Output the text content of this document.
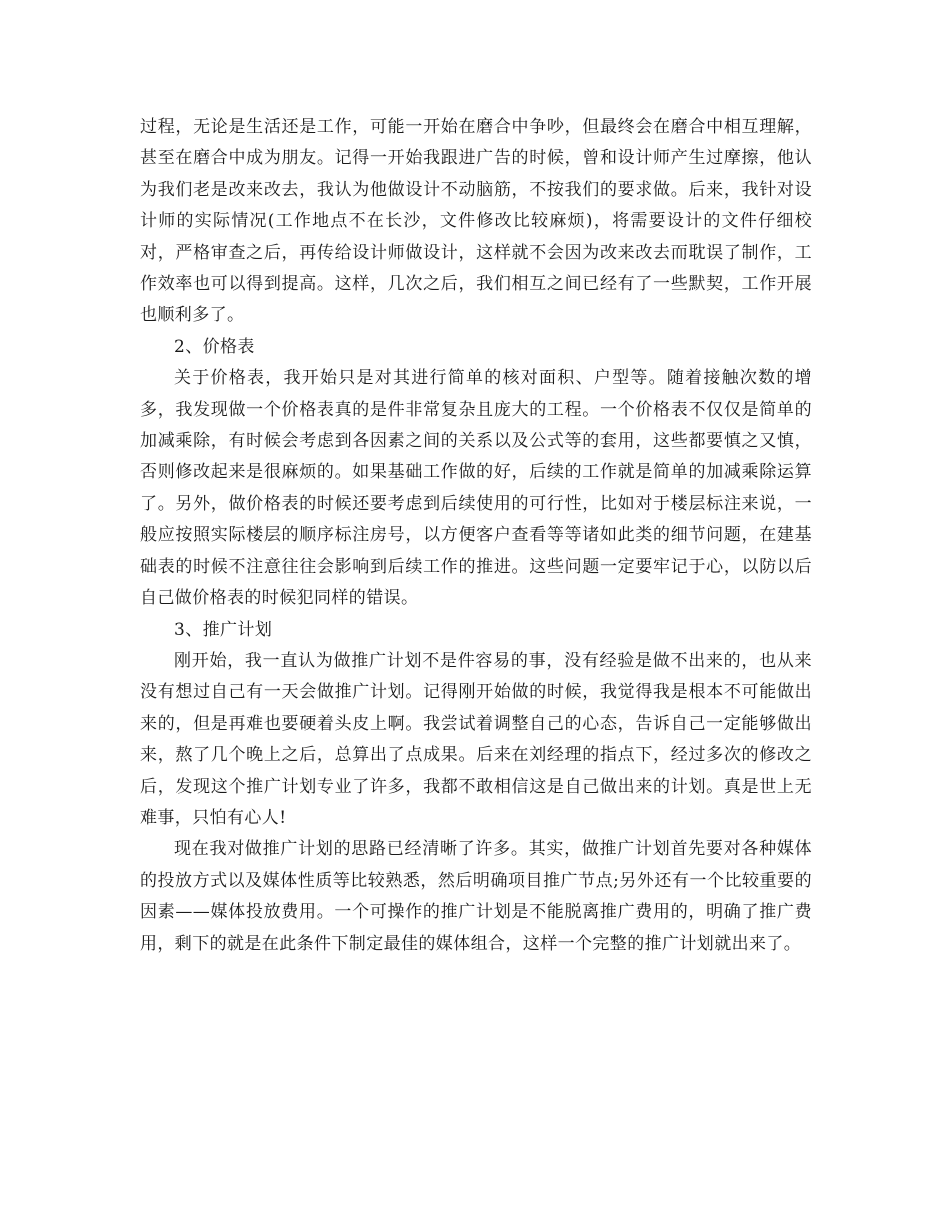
过程，无论是生活还是工作，可能一开始在磨合中争吵，但最终会在磨合中相互理解，甚至在磨合中成为朋友。记得一开始我跟进广告的时候，曾和设计师产生过摩擦，他认为我们老是改来改去，我认为他做设计不动脑筋，不按我们的要求做。后来，我针对设计师的实际情况(工作地点不在长沙，文件修改比较麻烦)，将需要设计的文件仔细校对，严格审查之后，再传给设计师做设计，这样就不会因为改来改去而耽误了制作，工作效率也可以得到提高。这样，几次之后，我们相互之间已经有了一些默契，工作开展也顺利多了。

2、价格表

关于价格表，我开始只是对其进行简单的核对面积、户型等。随着接触次数的增多，我发现做一个价格表真的是件非常复杂且庞大的工程。一个价格表不仅仅是简单的加减乘除，有时候会考虑到各因素之间的关系以及公式等的套用，这些都要慎之又慎，否则修改起来是很麻烦的。如果基础工作做的好，后续的工作就是简单的加减乘除运算了。另外，做价格表的时候还要考虑到后续使用的可行性，比如对于楼层标注来说，一般应按照实际楼层的顺序标注房号，以方便客户查看等等诸如此类的细节问题，在建基础表的时候不注意往往会影响到后续工作的推进。这些问题一定要牢记于心，以防以后自己做价格表的时候犯同样的错误。

3、推广计划

刚开始，我一直认为做推广计划不是件容易的事，没有经验是做不出来的，也从来没有想过自己有一天会做推广计划。记得刚开始做的时候，我觉得我是根本不可能做出来的，但是再难也要硬着头皮上啊。我尝试着调整自己的心态，告诉自己一定能够做出来，熬了几个晚上之后，总算出了点成果。后来在刘经理的指点下，经过多次的修改之后，发现这个推广计划专业了许多，我都不敢相信这是自己做出来的计划。真是世上无难事，只怕有心人!

现在我对做推广计划的思路已经清晰了许多。其实，做推广计划首先要对各种媒体的投放方式以及媒体性质等比较熟悉，然后明确项目推广节点;另外还有一个比较重要的因素——媒体投放费用。一个可操作的推广计划是不能脱离推广费用的，明确了推广费用，剩下的就是在此条件下制定最佳的媒体组合，这样一个完整的推广计划就出来了。
